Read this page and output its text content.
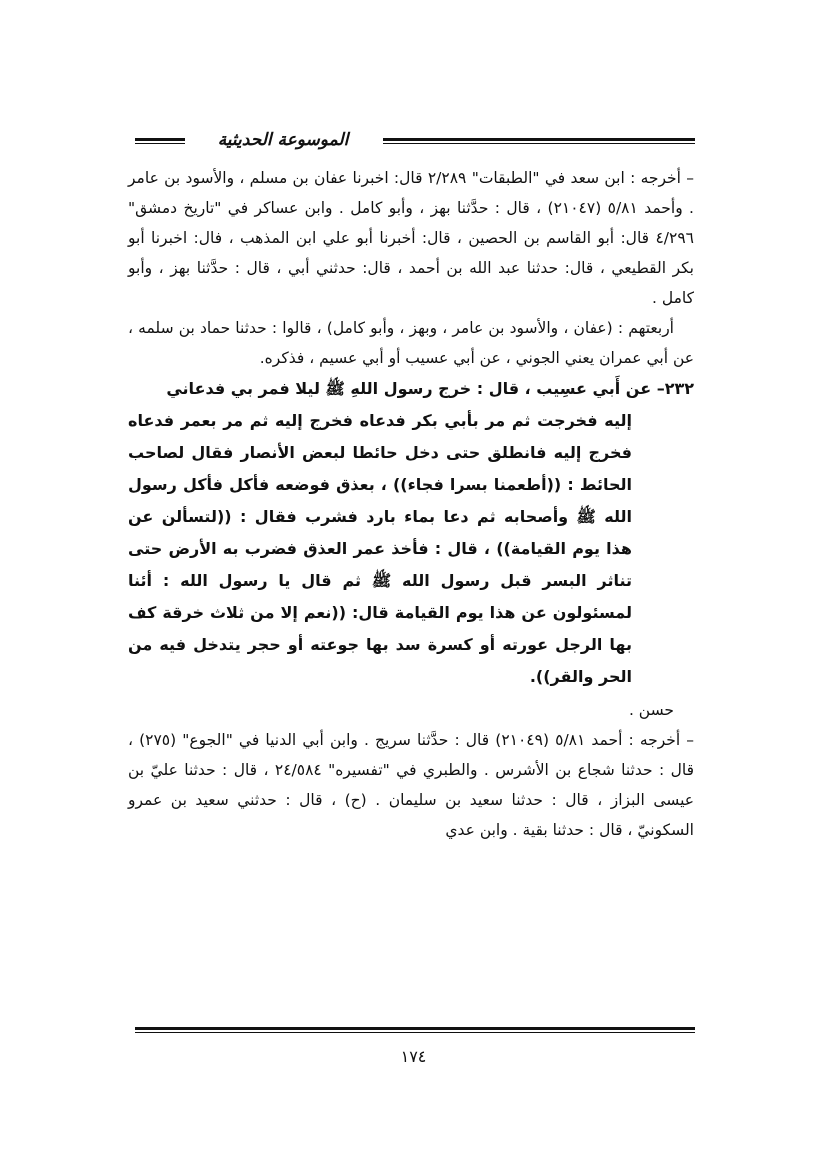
الموسوعة الحديثية

– أخرجه : ابن سعد في "الطبقات" ٢/٢٨٩ قال: اخبرنا عفان بن مسلم ، والأسود بن عامر . وأحمد ٥/٨١ (٢١٠٤٧) ، قال : حدَّثنا بهز ، وأبو كامل . وابن عساكر في "تاريخ دمشق" ٤/٢٩٦ قال: أبو القاسم بن الحصين ، قال: أخبرنا أبو علي ابن المذهب ، فال: اخبرنا أبو بكر القطيعي ، قال: حدثنا عبد الله بن أحمد ، قال: حدثني أبي ، قال : حدَّثنا بهز ، وأبو كامل .

أربعتهم : (عفان ، والأسود بن عامر ، وبهز ، وأبو كامل) ، قالوا : حدثنا حماد بن سلمه ، عن أبي عمران يعني الجوني ، عن أبي عسيب أو أبي عسيم ، فذكره.

٢٣٢– عن أَبي عسِيب ، قال : خرج رسول اللهِ ﷺ ليلا فمر بي فدعاني
إليه فخرجت ثم مر بأبي بكر فدعاه فخرج إليه ثم مر بعمر فدعاه فخرج إليه فانطلق حتى دخل حائطا لبعض الأنصار فقال لصاحب الحائط : ((أطعمنا بسرا فجاء)) ، بعذق فوضعه فأكل فأكل رسول الله ﷺ وأصحابه ثم دعا بماء بارد فشرب فقال : ((لتسألن عن هذا يوم القيامة)) ، قال : فأخذ عمر العذق فضرب به الأرض حتى تناثر البسر قبل رسول الله ﷺ ثم قال يا رسول الله : أئنا لمسئولون عن هذا يوم القيامة قال: ((نعم إلا من ثلاث خرقة كف بها الرجل عورته أو كسرة سد بها جوعته أو حجر يتدخل فيه من الحر والقر)).

حسن .

– أخرجه : أحمد ٥/٨١ (٢١٠٤٩) قال : حدَّثنا سريج . وابن أبي الدنيا في "الجوع" (٢٧٥) ، قال : حدثنا شجاع بن الأشرس . والطبري في "تفسيره" ٢٤/٥٨٤ ، قال : حدثنا عليّ بن عيسى البزاز ، قال : حدثنا سعيد بن سليمان . (ح) ، قال : حدثني سعيد بن عمرو السكونيّ ، قال : حدثنا بقية . وابن عدي

١٧٤
